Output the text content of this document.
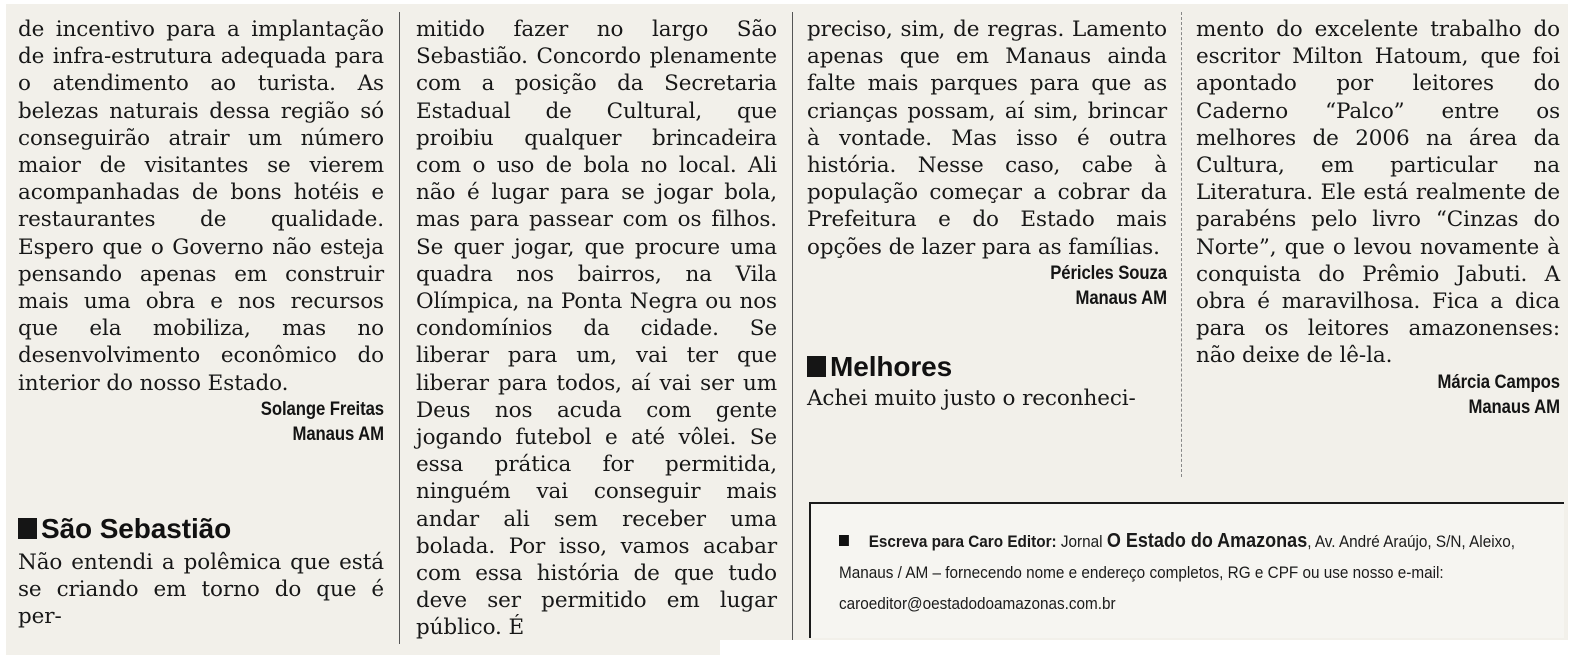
de incentivo para a implantação de infra-estrutura adequada para o atendimento ao turista. As belezas naturais dessa região só conseguirão atrair um número maior de visitantes se vierem acompanhadas de bons hotéis e restaurantes de qualidade. Espero que o Governo não esteja pensando apenas em construir mais uma obra e nos recursos que ela mobiliza, mas no desenvolvimento econômico do interior do nosso Estado.

Solange Freitas
Manaus AM
São Sebastião

Não entendi a polêmica que está se criando em torno do que é per-

mitido fazer no largo São Sebastião. Concordo plenamente com a posição da Secretaria Estadual de Cultural, que proibiu qualquer brincadeira com o uso de bola no local. Ali não é lugar para se jogar bola, mas para passear com os filhos. Se quer jogar, que procure uma quadra nos bairros, na Vila Olímpica, na Ponta Negra ou nos condomínios da cidade. Se liberar para um, vai ter que liberar para todos, aí vai ser um Deus nos acuda com gente jogando futebol e até vôlei. Se essa prática for permitida, ninguém vai conseguir mais andar ali sem receber uma bolada. Por isso, vamos acabar com essa história de que tudo deve ser permitido em lugar público. É

preciso, sim, de regras. Lamento apenas que em Manaus ainda falte mais parques para que as crianças possam, aí sim, brincar à vontade. Mas isso é outra história. Nesse caso, cabe à população começar a cobrar da Prefeitura e do Estado mais opções de lazer para as famílias.

Péricles Souza
Manaus AM
Melhores

Achei muito justo o reconheci-

mento do excelente trabalho do escritor Milton Hatoum, que foi apontado por leitores do Caderno “Palco” entre os melhores de 2006 na área da Cultura, em particular na Literatura. Ele está realmente de parabéns pelo livro “Cinzas do Norte”, que o levou novamente à conquista do Prêmio Jabuti. A obra é maravilhosa. Fica a dica para os leitores amazonenses: não deixe de lê-la.

Márcia Campos
Manaus AM
Escreva para Caro Editor: Jornal O Estado do Amazonas, Av. André Araújo, S/N, Aleixo, Manaus / AM – fornecendo nome e endereço completos, RG e CPF ou use nosso e-mail: caroeditor@oestadodoamazonas.com.br
